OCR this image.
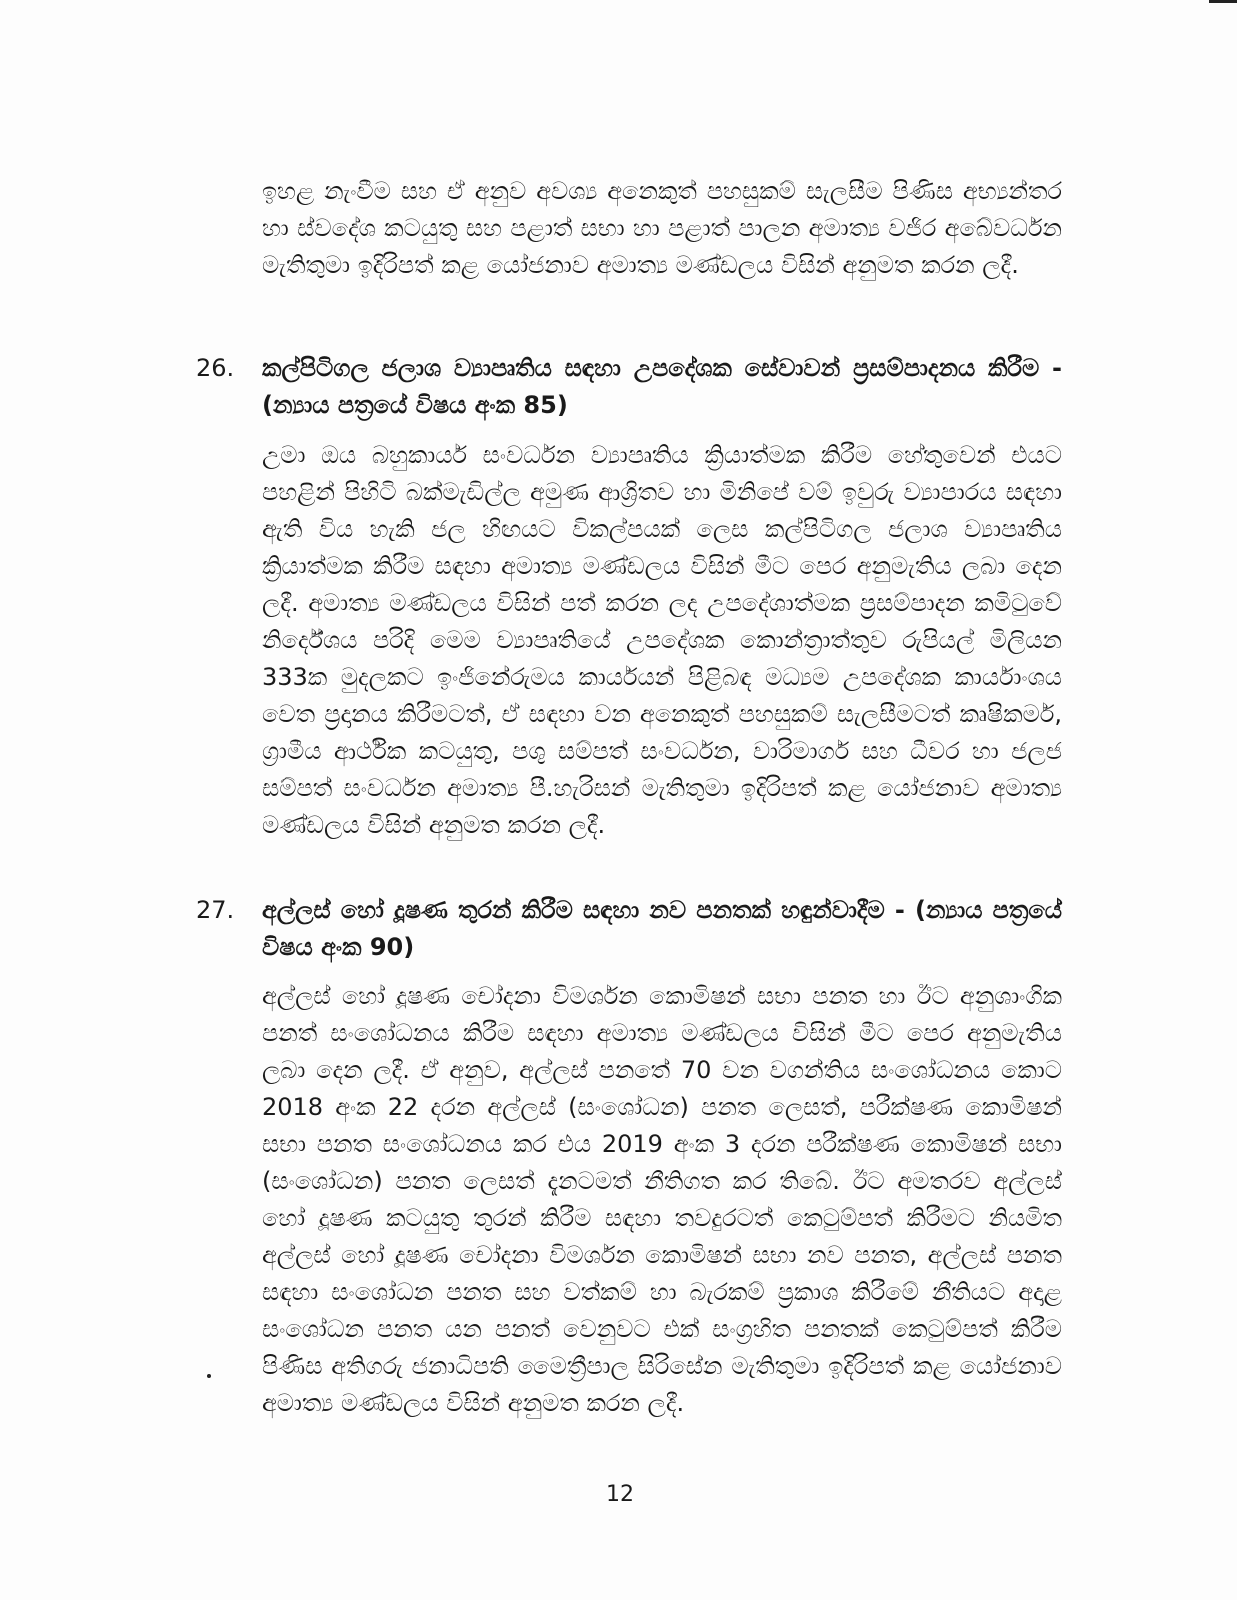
ඉහළ නැංවීම සහ ඒ අනුව අවශ්‍ය අනෙකුත් පහසුකම් සැලසීම පිණිස අභ්‍යන්තර හා ස්වදේශ කටයුතු සහ පළාත් සභා හා පළාත් පාලන අමාත්‍ය වජිර අබේවර්ධන මැතිතුමා ඉදිරිපත් කළ යෝජනාව අමාත්‍ය මණ්ඩලය විසින් අනුමත කරන ලදී.

26. කල්පිටිගල ජලාශ ව්‍යාපෘතිය සඳහා උපදේශක සේවාවන් ප්‍රසම්පාදනය කිරීම - (න්‍යාය පත්‍රයේ විෂය අංක 85)

උමා ඔය බහුකාර්ය සංවර්ධන ව්‍යාපෘතිය ක්‍රියාත්මක කිරීම හේතුවෙන් එයට පහළින් පිහිටි බක්මැඩිල්ල අමුණ ආශ්‍රිතව හා මිනිපේ වම් ඉවුරු ව්‍යාපාරය සඳහා ඇති විය හැකි ජල හිඟයට විකල්පයක් ලෙස කල්පිටිගල ජලාශ ව්‍යාපෘතිය ක්‍රියාත්මක කිරීම සඳහා අමාත්‍ය මණ්ඩලය විසින් මීට පෙර අනුමැතිය ලබා දෙන ලදී. අමාත්‍ය මණ්ඩලය විසින් පත් කරන ලද උපදේශාත්මක ප්‍රසම්පාදන කමිටුවේ නිර්දේශය පරිදි මෙම ව්‍යාපෘතියේ උපදේශක කොන්ත්‍රාත්තුව රුපියල් මිලියන 333ක මුදලකට ඉංජිනේරුමය කාර්යයන් පිළිබඳ මධ්‍යම උපදේශක කාර්යාංශය වෙත ප්‍රදානය කිරීමටත්, ඒ සඳහා වන අනෙකුත් පහසුකම් සැලසීමටත් කෘෂිකර්ම, ග්‍රාමීය ආර්ථික කටයුතු, පශු සම්පත් සංවර්ධන, වාරිමාර්ග සහ ධීවර හා ජලජ සම්පත් සංවර්ධන අමාත්‍ය පී.හැරිසන් මැතිතුමා ඉදිරිපත් කළ යෝජනාව අමාත්‍ය මණ්ඩලය විසින් අනුමත කරන ලදී.

27. අල්ලස් හෝ දූෂණ තුරන් කිරීම සඳහා නව පනතක් හඳුන්වාදීම - (න්‍යාය පත්‍රයේ විෂය අංක 90)

අල්ලස් හෝ දූෂණ චෝදනා විමර්ශන කොමිෂන් සභා පනත හා ඊට අනුශාංගික පනත් සංශෝධනය කිරීම සඳහා අමාත්‍ය මණ්ඩලය විසින් මීට පෙර අනුමැතිය ලබා දෙන ලදී. ඒ අනුව, අල්ලස් පනතේ 70 වන වගන්තිය සංශෝධනය කොට 2018 අංක 22 දරන අල්ලස් (සංශෝධන) පනත ලෙසත්, පරීක්ෂණ කොමිෂන් සභා පනත සංශෝධනය කර එය 2019 අංක 3 දරන පරීක්ෂණ කොමිෂන් සභා (සංශෝධන) පනත ලෙසත් දැනටමත් නීතිගත කර තිබේ. ඊට අමතරව අල්ලස් හෝ දූෂණ කටයුතු තුරන් කිරීම සඳහා තවදුරටත් කෙටුම්පත් කිරීමට නියමිත අල්ලස් හෝ දූෂණ චෝදනා විමර්ශන කොමිෂන් සභා නව පනත, අල්ලස් පනත සඳහා සංශෝධන පනත සහ වත්කම් හා බැරකම් ප්‍රකාශ කිරීමේ නීතියට අදාළ සංශෝධන පනත යන පනත් වෙනුවට එක් සංග්‍රහිත පනතක් කෙටුම්පත් කිරීම පිණිස අතිගරු ජනාධිපති මෛත්‍රීපාල සිරිසේන මැතිතුමා ඉදිරිපත් කළ යෝජනාව අමාත්‍ය මණ්ඩලය විසින් අනුමත කරන ලදී.

12
